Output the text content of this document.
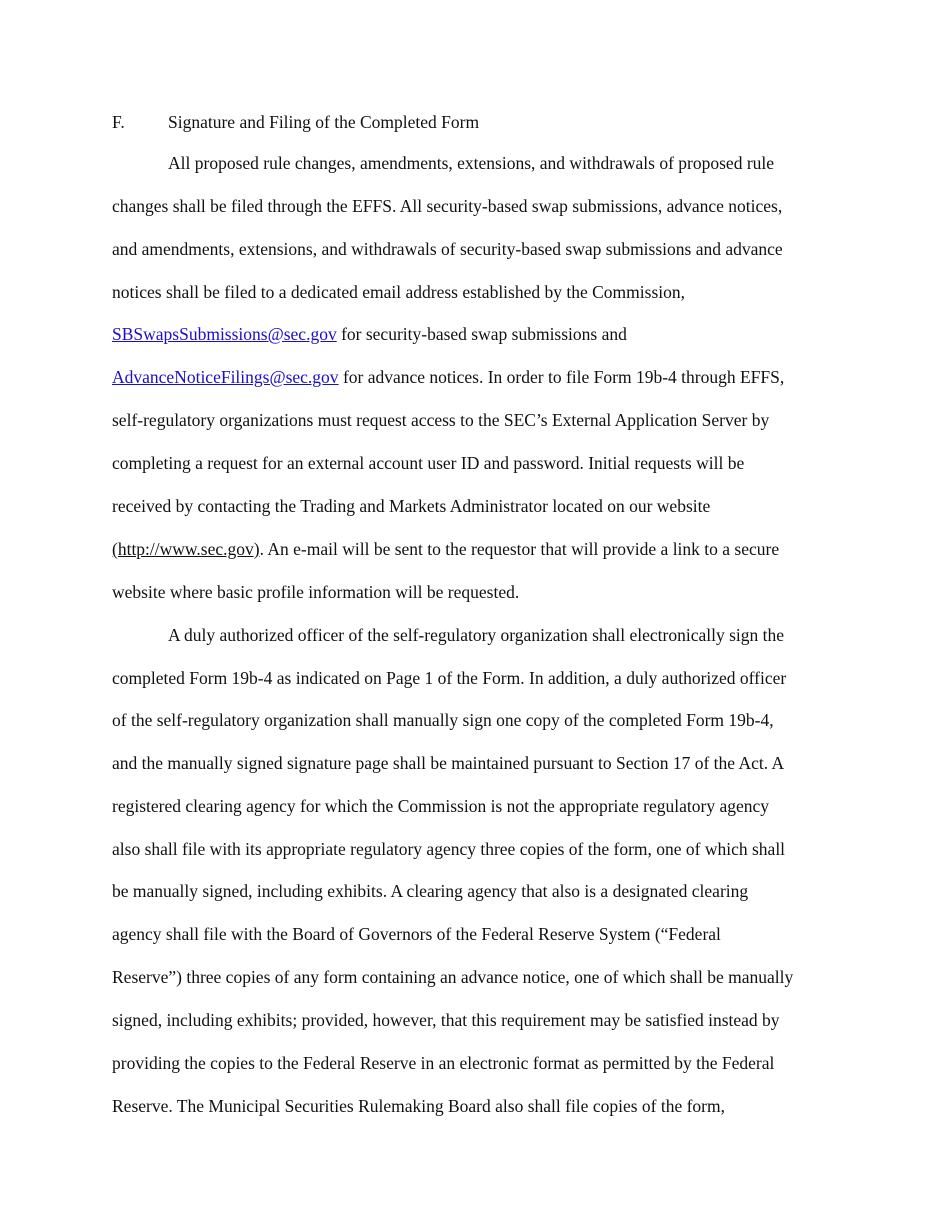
F. Signature and Filing of the Completed Form
All proposed rule changes, amendments, extensions, and withdrawals of proposed rule
changes shall be filed through the EFFS. All security-based swap submissions, advance notices,
and amendments, extensions, and withdrawals of security-based swap submissions and advance
notices shall be filed to a dedicated email address established by the Commission,
SBSwapsSubmissions@sec.gov for security-based swap submissions and
AdvanceNoticeFilings@sec.gov for advance notices. In order to file Form 19b-4 through EFFS,
self-regulatory organizations must request access to the SEC’s External Application Server by
completing a request for an external account user ID and password. Initial requests will be
received by contacting the Trading and Markets Administrator located on our website
(http://www.sec.gov). An e-mail will be sent to the requestor that will provide a link to a secure
website where basic profile information will be requested.
A duly authorized officer of the self-regulatory organization shall electronically sign the
completed Form 19b-4 as indicated on Page 1 of the Form. In addition, a duly authorized officer
of the self-regulatory organization shall manually sign one copy of the completed Form 19b-4,
and the manually signed signature page shall be maintained pursuant to Section 17 of the Act. A
registered clearing agency for which the Commission is not the appropriate regulatory agency
also shall file with its appropriate regulatory agency three copies of the form, one of which shall
be manually signed, including exhibits. A clearing agency that also is a designated clearing
agency shall file with the Board of Governors of the Federal Reserve System (“Federal
Reserve”) three copies of any form containing an advance notice, one of which shall be manually
signed, including exhibits; provided, however, that this requirement may be satisfied instead by
providing the copies to the Federal Reserve in an electronic format as permitted by the Federal
Reserve. The Municipal Securities Rulemaking Board also shall file copies of the form,
